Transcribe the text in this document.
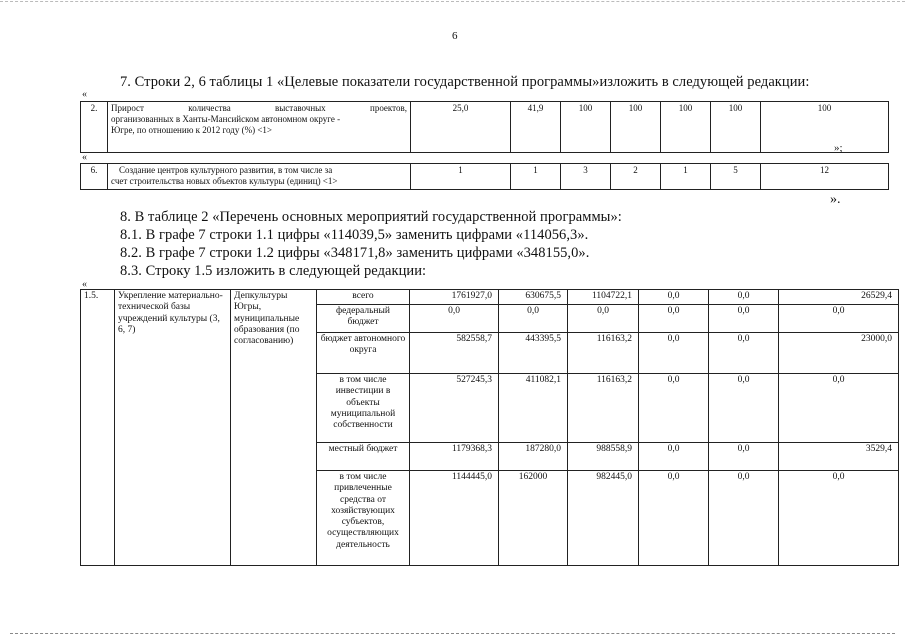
6
7. Строки 2, 6 таблицы 1 «Целевые показатели государственной программы»изложить в следующей редакции:
«
2.	Прирост количества выставочных проектов,
организованных в Ханты-Мансийском автономном округе -
Югре, по отношению к 2012 году (%) <1>
	25,0	41,9	100	100	100	100	100
»;
«
6.	Создание центров культурного развития, в том числе за
счет строительства новых объектов культуры (единиц) <1>
	1	1	3	2	1	5	12
».
8. В таблице 2 «Перечень основных мероприятий государственной программы»:
8.1. В графе 7 строки 1.1 цифры «114039,5» заменить цифрами «114056,3».
8.2. В графе 7 строки 1.2 цифры «348171,8» заменить цифрами «348155,0».
8.3. Строку 1.5 изложить в следующей редакции:
«
1.5.	Укрепление материально-технической базы учреждений культуры (3, 6, 7)	Депкультуры Югры, муниципальные образования (по согласованию)	всего	1761927,0	630675,5	1104722,1	0,0	0,0	26529,4
			федеральный бюджет	0,0	0,0	0,0	0,0	0,0	0,0
			бюджет автономного округа	582558,7	443395,5	116163,2	0,0	0,0	23000,0
			в том числе инвестиции в объекты муниципальной собственности	527245,3	411082,1	116163,2	0,0	0,0	0,0
			местный бюджет	1179368,3	187280,0	988558,9	0,0	0,0	3529,4
			в том числе привлеченные средства от хозяйствующих субъектов, осуществляющих деятельность	1144445,0	162000	982445,0	0,0	0,0	0,0
